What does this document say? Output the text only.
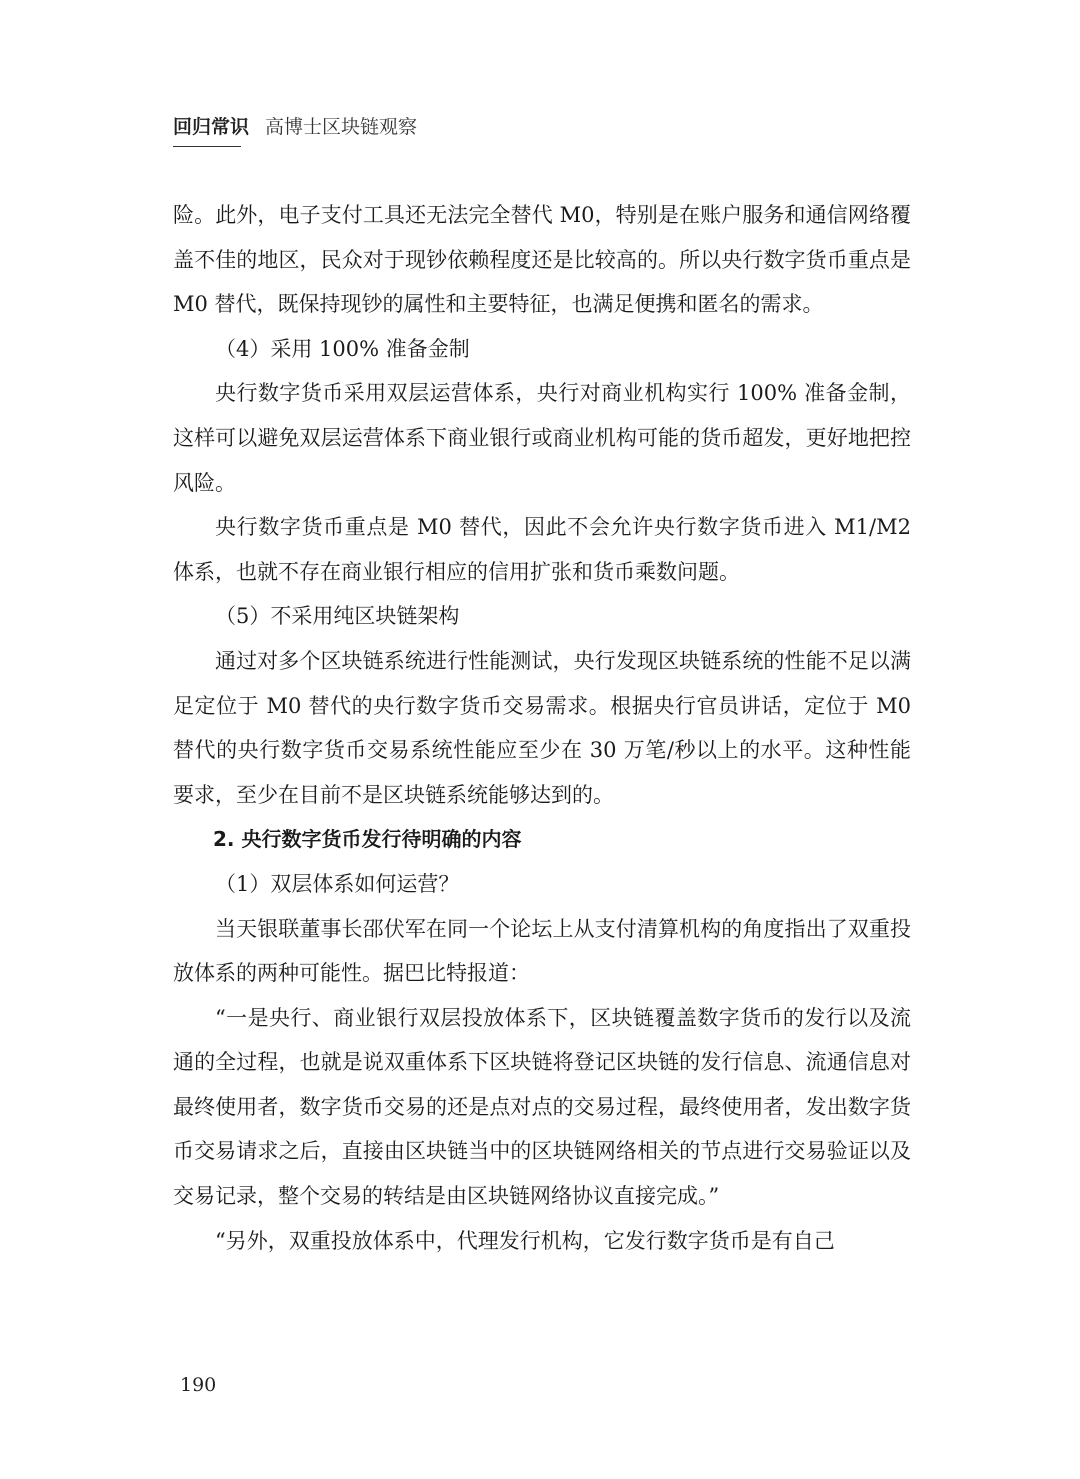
回归常识 高博士区块链观察

险。此外，电子支付工具还无法完全替代 M0，特别是在账户服务和通信网络覆盖不佳的地区，民众对于现钞依赖程度还是比较高的。所以央行数字货币重点是 M0 替代，既保持现钞的属性和主要特征，也满足便携和匿名的需求。

（4）采用 100% 准备金制

央行数字货币采用双层运营体系，央行对商业机构实行 100% 准备金制，这样可以避免双层运营体系下商业银行或商业机构可能的货币超发，更好地把控风险。

央行数字货币重点是 M0 替代，因此不会允许央行数字货币进入 M1/M2 体系，也就不存在商业银行相应的信用扩张和货币乘数问题。

（5）不采用纯区块链架构

通过对多个区块链系统进行性能测试，央行发现区块链系统的性能不足以满足定位于 M0 替代的央行数字货币交易需求。根据央行官员讲话，定位于 M0 替代的央行数字货币交易系统性能应至少在 30 万笔/秒以上的水平。这种性能要求，至少在目前不是区块链系统能够达到的。

2. 央行数字货币发行待明确的内容

（1）双层体系如何运营？

当天银联董事长邵伏军在同一个论坛上从支付清算机构的角度指出了双重投放体系的两种可能性。据巴比特报道：

“一是央行、商业银行双层投放体系下，区块链覆盖数字货币的发行以及流通的全过程，也就是说双重体系下区块链将登记区块链的发行信息、流通信息对最终使用者，数字货币交易的还是点对点的交易过程，最终使用者，发出数字货币交易请求之后，直接由区块链当中的区块链网络相关的节点进行交易验证以及交易记录，整个交易的转结是由区块链网络协议直接完成。”

“另外，双重投放体系中，代理发行机构，它发行数字货币是有自己

190
